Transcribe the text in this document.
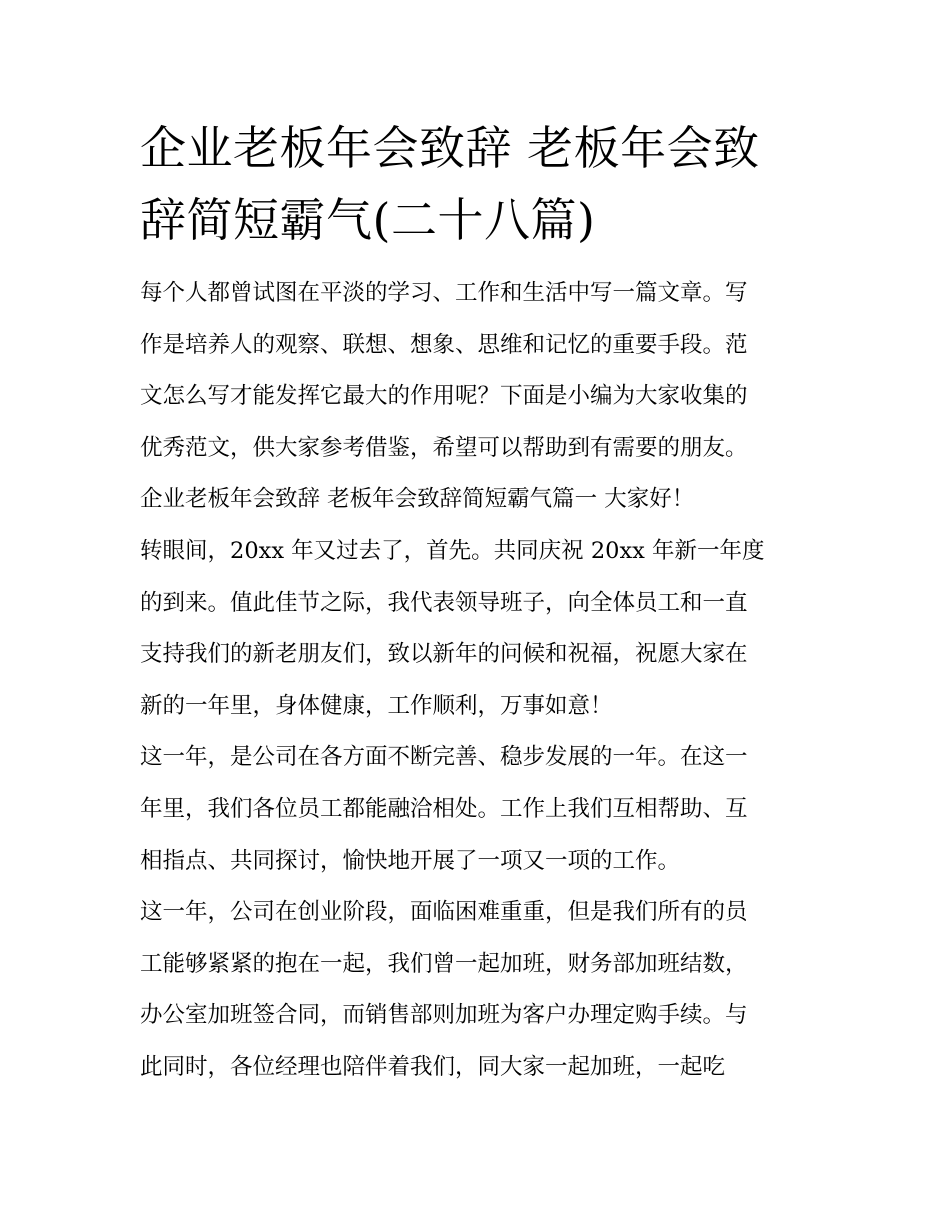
企业老板年会致辞 老板年会致
辞简短霸气(二十八篇)
每个人都曾试图在平淡的学习、工作和生活中写一篇文章。写
作是培养人的观察、联想、想象、思维和记忆的重要手段。范
文怎么写才能发挥它最大的作用呢？下面是小编为大家收集的
优秀范文，供大家参考借鉴，希望可以帮助到有需要的朋友。
企业老板年会致辞 老板年会致辞简短霸气篇一 大家好！
转眼间，20xx 年又过去了，首先。共同庆祝 20xx 年新一年度
的到来。值此佳节之际，我代表领导班子，向全体员工和一直
支持我们的新老朋友们，致以新年的问候和祝福，祝愿大家在
新的一年里，身体健康，工作顺利，万事如意！
这一年，是公司在各方面不断完善、稳步发展的一年。在这一
年里，我们各位员工都能融洽相处。工作上我们互相帮助、互
相指点、共同探讨，愉快地开展了一项又一项的工作。
这一年，公司在创业阶段，面临困难重重，但是我们所有的员
工能够紧紧的抱在一起，我们曾一起加班，财务部加班结数，
办公室加班签合同，而销售部则加班为客户办理定购手续。与
此同时，各位经理也陪伴着我们，同大家一起加班，一起吃
